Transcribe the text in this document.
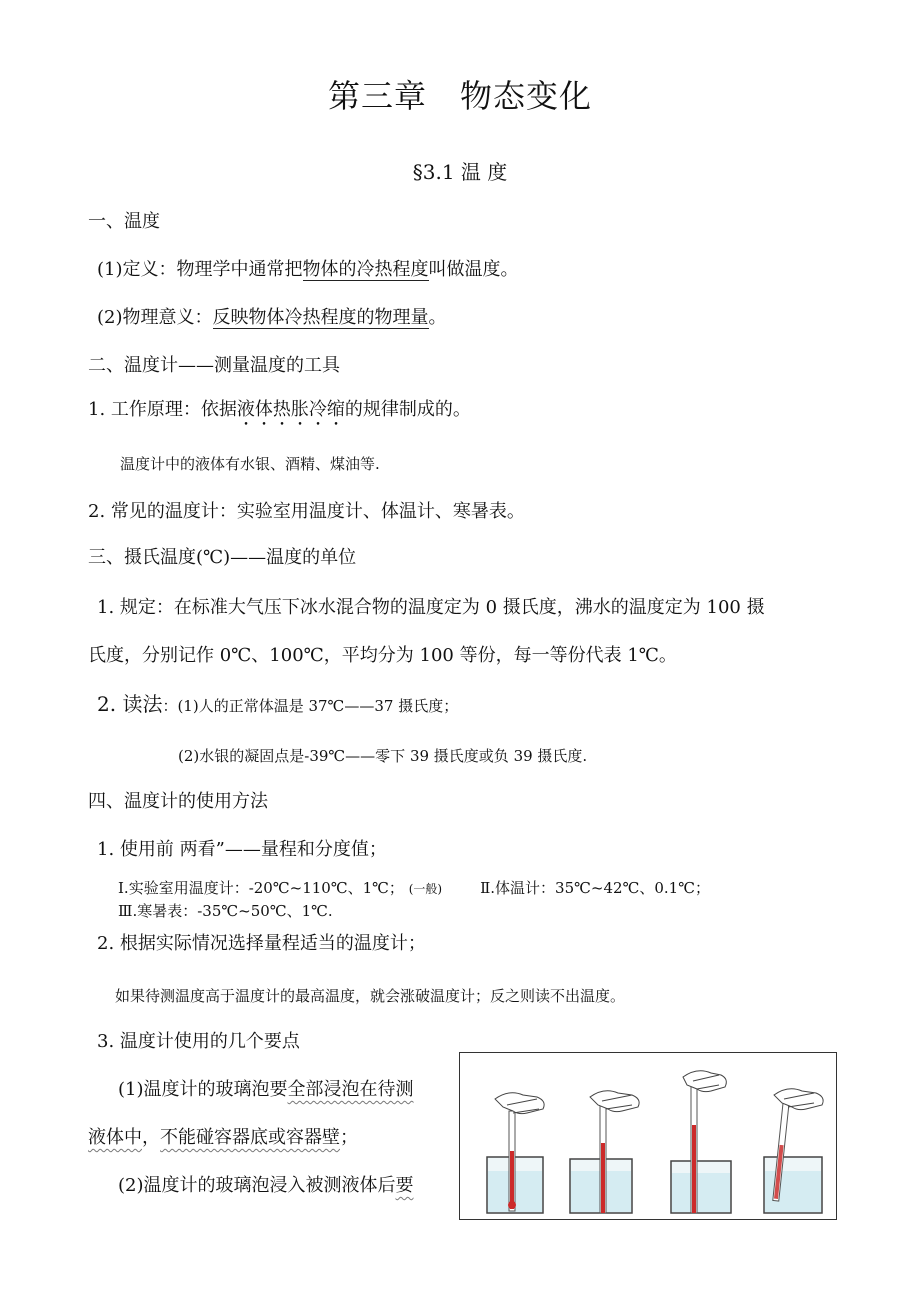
第三章　物态变化
§3.1 温 度
一、温度
(1)定义：物理学中通常把物体的冷热程度叫做温度。
(2)物理意义：反映物体冷热程度的物理量。
二、温度计——测量温度的工具
1. 工作原理：依据液体热胀冷缩的规律制成的。
温度计中的液体有水银、酒精、煤油等.
2. 常见的温度计：实验室用温度计、体温计、寒暑表。
三、摄氏温度(℃)——温度的单位
1. 规定：在标准大气压下冰水混合物的温度定为 0 摄氏度，沸水的温度定为 100 摄
氏度，分别记作 0℃、100℃，平均分为 100 等份，每一等份代表 1℃。
2. 读法：(1)人的正常体温是 37℃——37 摄氏度；
(2)水银的凝固点是-39℃——零下 39 摄氏度或负 39 摄氏度.
四、温度计的使用方法
1. 使用前 两看”——量程和分度值；
Ⅰ.实验室用温度计：-20℃~110℃、1℃； (一般)	Ⅱ.体温计：35℃~42℃、0.1℃；
Ⅲ.寒暑表：-35℃~50℃、1℃.
2. 根据实际情况选择量程适当的温度计；
如果待测温度高于温度计的最高温度，就会涨破温度计；反之则读不出温度。
3. 温度计使用的几个要点
(1)温度计的玻璃泡要全部浸泡在待测
液体中，不能碰容器底或容器壁；
(2)温度计的玻璃泡浸入被测液体后要
